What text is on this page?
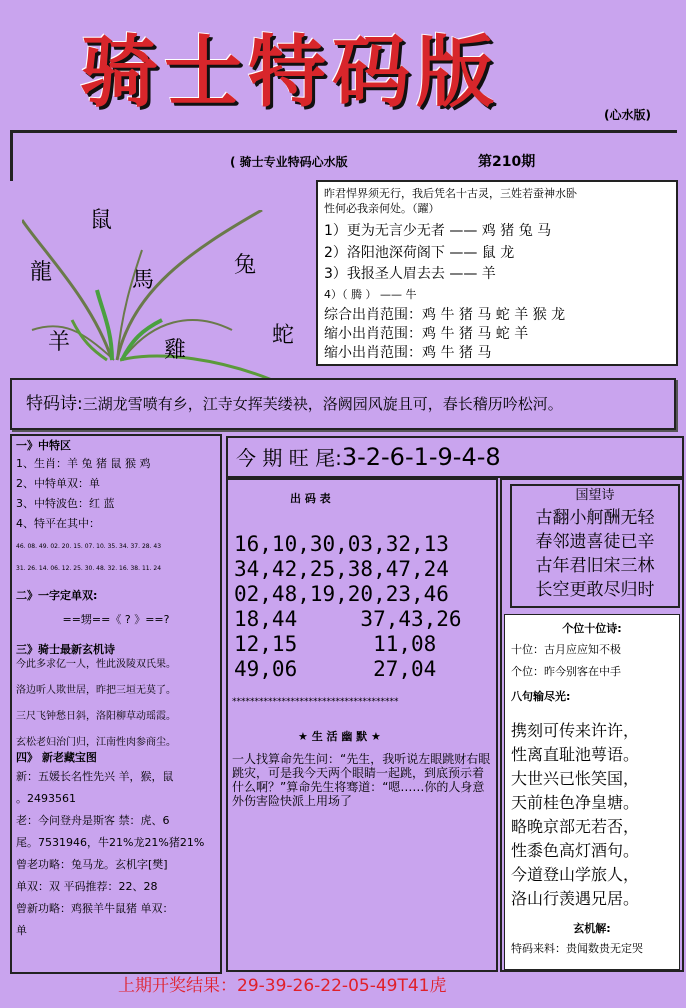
骑士特码版	(心水版)
( 骑士专业特码心水版	第210期
鼠
龍	兔
馬
羊	雞
蛇
昨君悍界须无行，我后凭名十古灵，三姓若蚕神水卧
性何必我亲何处。（躍）
1）更为无言少无者 —— 鸡 猪 兔 马
2）洛阳池深荷阁下 —— 鼠 龙
3）我报圣人眉去去 —— 羊
4）（ 腾 ） —— 牛
综合出肖范围：鸡 牛 猪 马 蛇 羊 猴 龙
缩小出肖范围：鸡 牛 猪 马 蛇 羊
缩小出肖范围：鸡 牛 猪 马
特码诗:三湖龙雪喷有乡，江寺女挥芙缕袂，洛阙园风旋且可，春长稽历吟松河。
一》中特区
1、生肖：羊 兔 猪 鼠 猴 鸡
2、中特单双：单
3、中特波色：红 蓝
4、特平在其中：
46. 08. 49. 02. 20. 15. 07. 10. 35. 34. 37. 28. 43
31. 26. 14. 06. 12. 25. 30. 48. 32. 16. 38. 11. 24
二》一字定单双:
==甥==《 ? 》==?
三》骑士最新玄机诗
今此多求亿一人，性此汲陵双氏果。
洛边听人欺世居，昨把三垣无莫了。
三尺飞钟愁日斜，洛阳柳草动瑶霞。
玄松老妇治门归，江南性肉参商尘。
四》 新老藏宝图
新：五媛长名性先兴 羊，猴，鼠
。2493561
老：今问登舟是斯客 禁：虎、6
尾。7531946，牛21%龙21%猪21%
曾老功略：兔马龙。玄机字[樊]
单双：双 平码推荐：22、28
曾新功略：鸡猴羊牛鼠猪 单双：
单
今 期 旺 尾:3-2-6-1-9-4-8
出 码 表
16,10,30,03,32,13
34,42,25,38,47,24
02,48,19,20,23,46
18,44     37,43,26
12,15      11,08
49,06      27,04
*************************************
★ 生 活 幽 默 ★
一人找算命先生问：“先生，我听说左眼跳财右眼跳灾，可是我今天两个眼睛一起跳，到底预示着什么啊？”算命先生将骞道：“嗯……你的人身意外伤害险快派上用场了
国望诗
古翻小舸酬无轻
春邻遗喜徒已辛
古年君旧宋三林
长空更敢尽归时
个位十位诗:
十位：古月应应知不极
个位：昨今别客在中手
八句输尽光:
携刻可传来许许，
性离直耻池萼语。
大世兴已怅笑国，
天前桂色净皇塘。
略晚京部无若否，
性黍色高灯酒句。
今道登山学旅人，
洛山行羡遇兄居。
玄机解:
特码来料：贵闻数贵无定哭
上期开奖结果：29-39-26-22-05-49T41虎
